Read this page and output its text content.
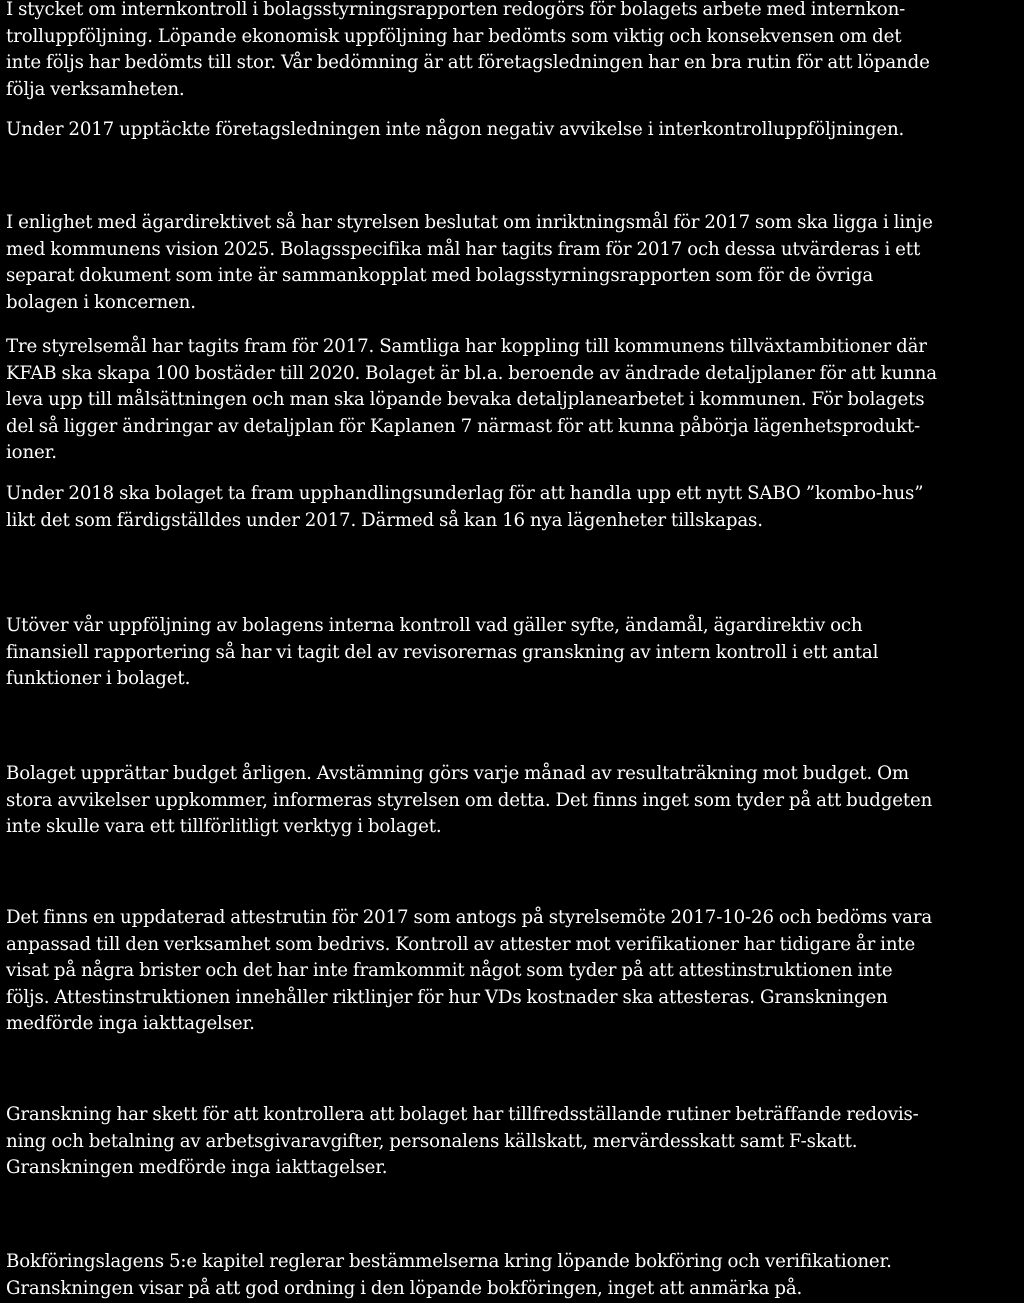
I stycket om internkontroll i bolagsstyrningsrapporten redogörs för bolagets arbete med internkon-
trolluppföljning. Löpande ekonomisk uppföljning har bedömts som viktig och konsekvensen om det
inte följs har bedömts till stor. Vår bedömning är att företagsledningen har en bra rutin för att löpande
följa verksamheten.

Under 2017 upptäckte företagsledningen inte någon negativ avvikelse i interkontrolluppföljningen.

I enlighet med ägardirektivet så har styrelsen beslutat om inriktningsmål för 2017 som ska ligga i linje
med kommunens vision 2025. Bolagsspecifika mål har tagits fram för 2017 och dessa utvärderas i ett
separat dokument som inte är sammankopplat med bolagsstyrningsrapporten som för de övriga
bolagen i koncernen.

Tre styrelsemål har tagits fram för 2017. Samtliga har koppling till kommunens tillväxtambitioner där
KFAB ska skapa 100 bostäder till 2020. Bolaget är bl.a. beroende av ändrade detaljplaner för att kunna
leva upp till målsättningen och man ska löpande bevaka detaljplanearbetet i kommunen. För bolagets
del så ligger ändringar av detaljplan för Kaplanen 7 närmast för att kunna påbörja lägenhetsprodukt-
ioner.

Under 2018 ska bolaget ta fram upphandlingsunderlag för att handla upp ett nytt SABO ”kombo-hus”
likt det som färdigställdes under 2017. Därmed så kan 16 nya lägenheter tillskapas.

Utöver vår uppföljning av bolagens interna kontroll vad gäller syfte, ändamål, ägardirektiv och
finansiell rapportering så har vi tagit del av revisorernas granskning av intern kontroll i ett antal
funktioner i bolaget.

Bolaget upprättar budget årligen. Avstämning görs varje månad av resultaträkning mot budget. Om
stora avvikelser uppkommer, informeras styrelsen om detta. Det finns inget som tyder på att budgeten
inte skulle vara ett tillförlitligt verktyg i bolaget.

Det finns en uppdaterad attestrutin för 2017 som antogs på styrelsemöte 2017-10-26 och bedöms vara
anpassad till den verksamhet som bedrivs. Kontroll av attester mot verifikationer har tidigare år inte
visat på några brister och det har inte framkommit något som tyder på att attestinstruktionen inte
följs. Attestinstruktionen innehåller riktlinjer för hur VDs kostnader ska attesteras. Granskningen
medförde inga iakttagelser.

Granskning har skett för att kontrollera att bolaget har tillfredsställande rutiner beträffande redovis-
ning och betalning av arbetsgivaravgifter, personalens källskatt, mervärdesskatt samt F-skatt.
Granskningen medförde inga iakttagelser.

Bokföringslagens 5:e kapitel reglerar bestämmelserna kring löpande bokföring och verifikationer.
Granskningen visar på att god ordning i den löpande bokföringen, inget att anmärka på.
